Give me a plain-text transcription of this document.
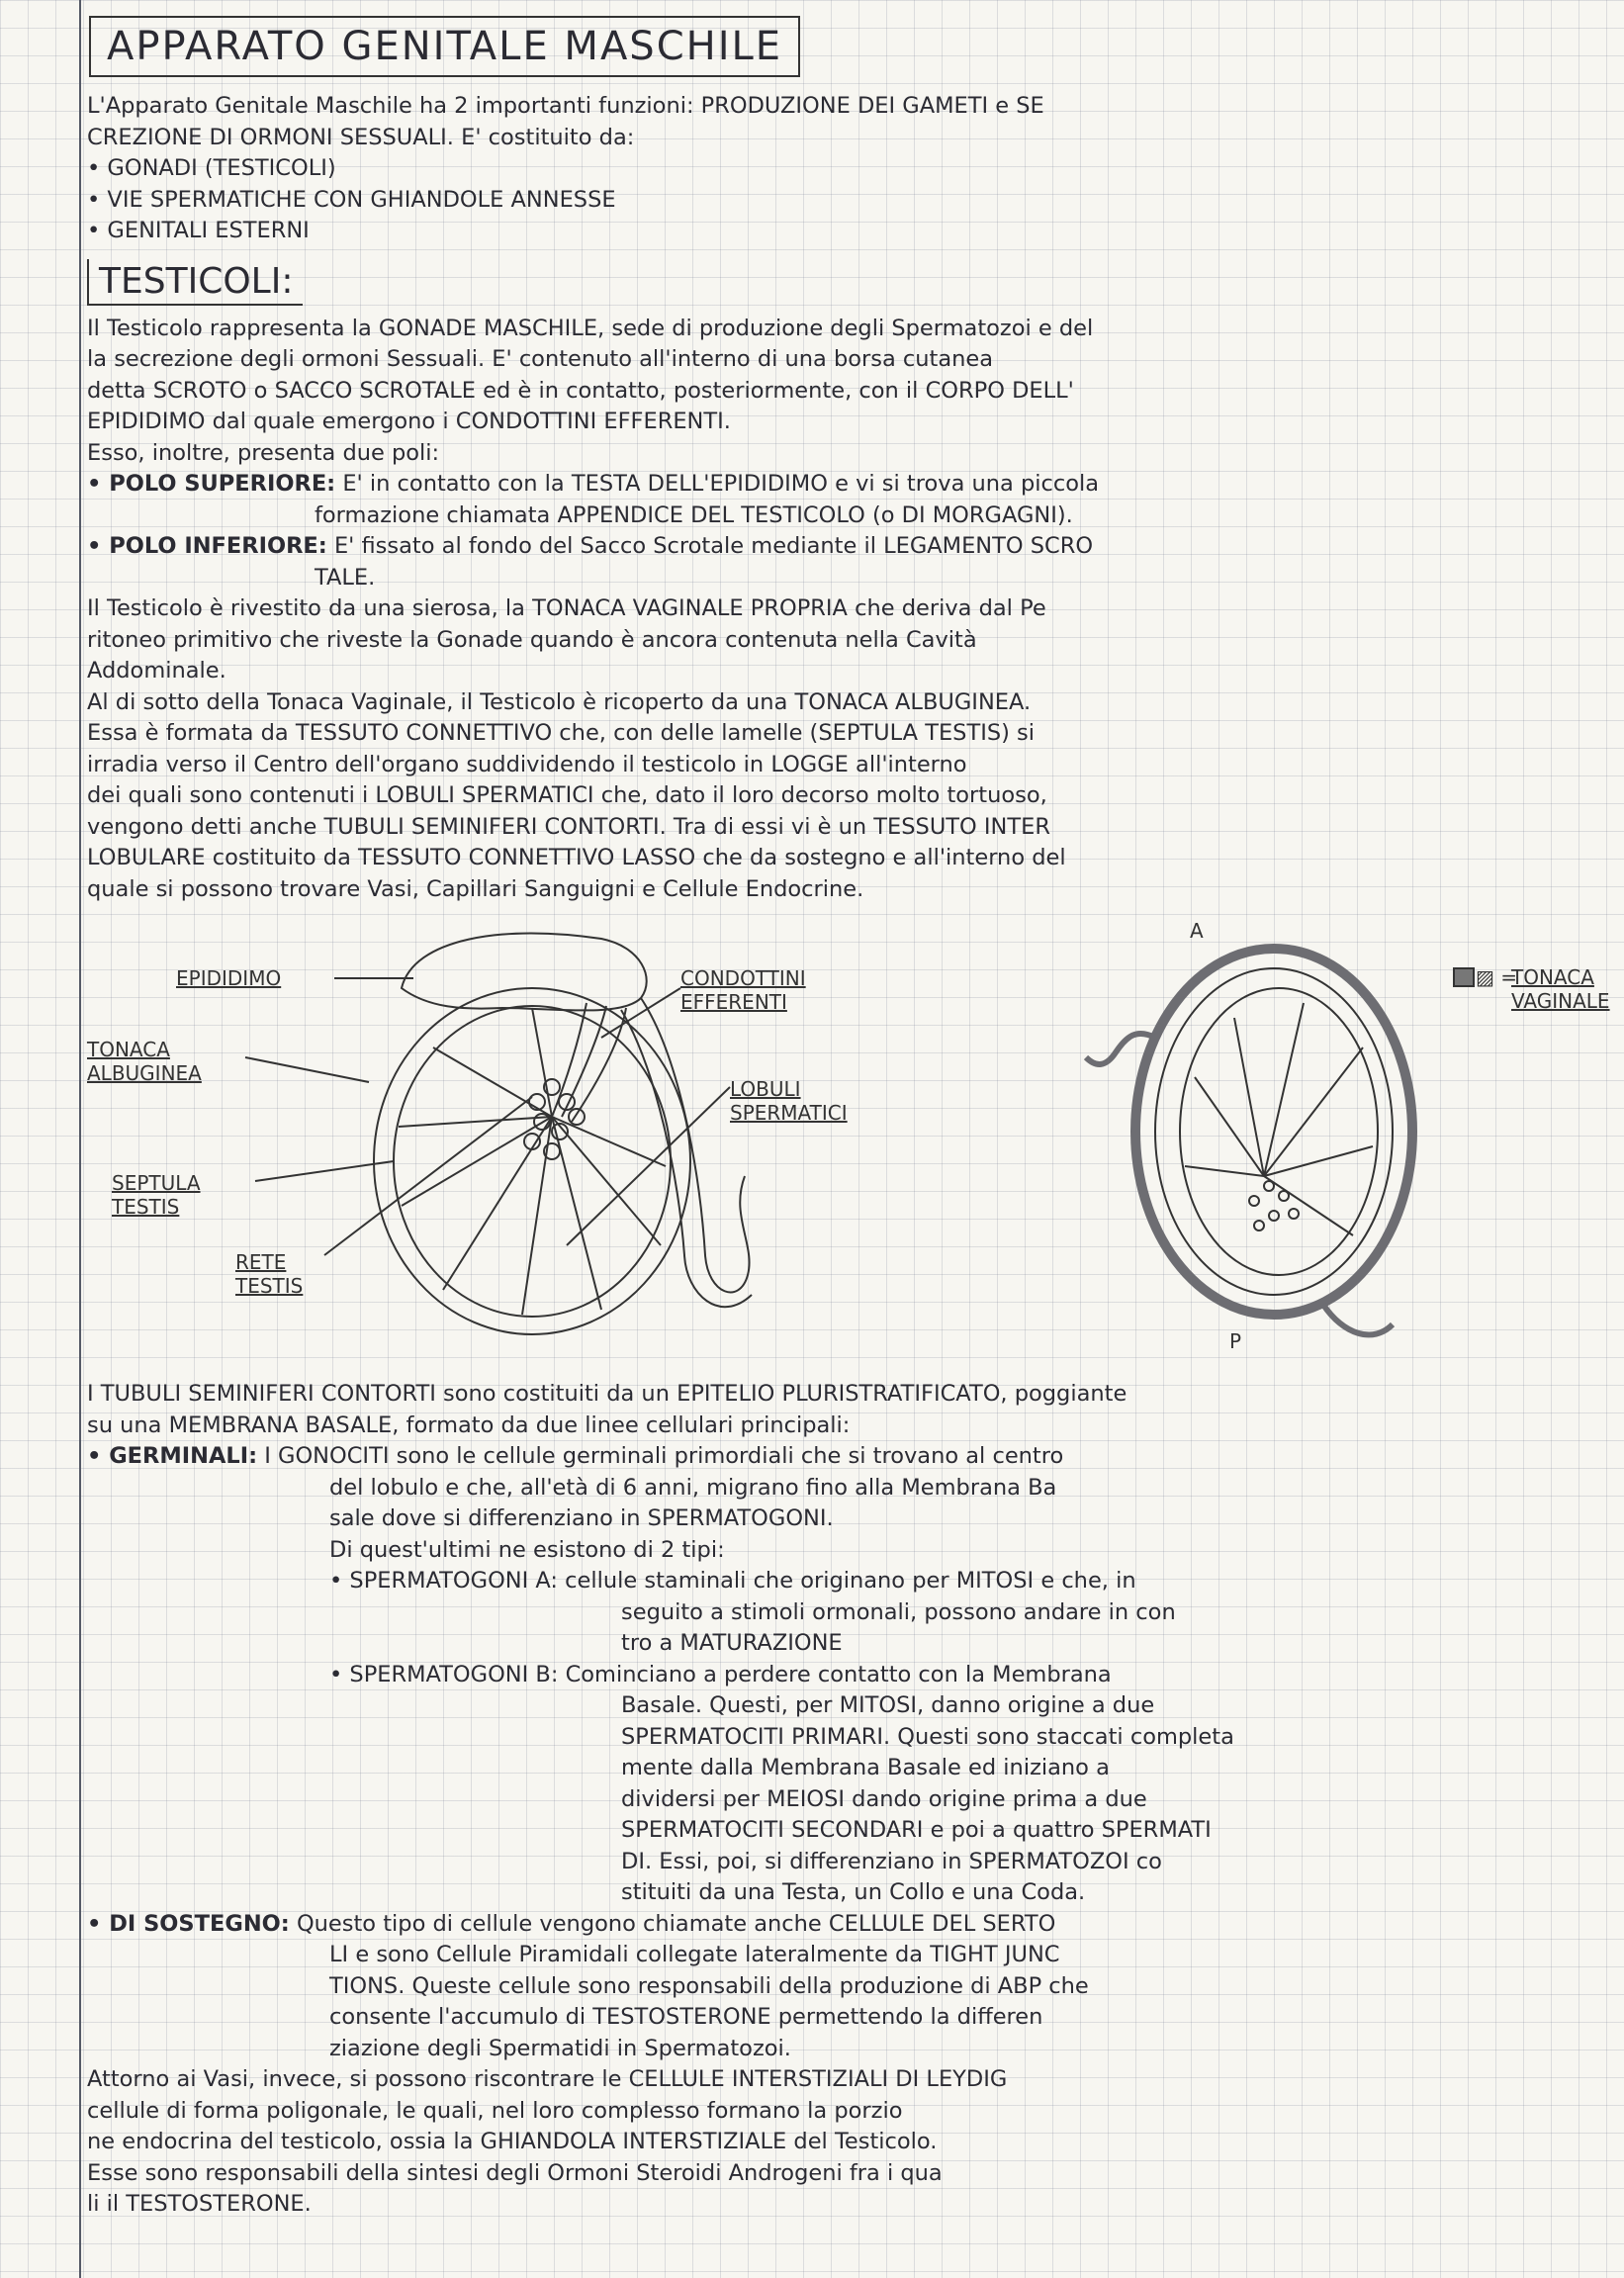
APPARATO GENITALE MASCHILE

L'Apparato Genitale Maschile ha 2 importanti funzioni: PRODUZIONE DEI GAMETI e SE

CREZIONE DI ORMONI SESSUALI. E' costituito da:

• GONADI (TESTICOLI)

• VIE SPERMATICHE CON GHIANDOLE ANNESSE

• GENITALI ESTERNI

TESTICOLI:

Il Testicolo rappresenta la GONADE MASCHILE, sede di produzione degli Spermatozoi e del

la secrezione degli ormoni Sessuali. E' contenuto all'interno di una borsa cutanea

detta SCROTO o SACCO SCROTALE ed è in contatto, posteriormente, con il CORPO DELL'

EPIDIDIMO dal quale emergono i CONDOTTINI EFFERENTI.

Esso, inoltre, presenta due poli:

• POLO SUPERIORE: E' in contatto con la TESTA DELL'EPIDIDIMO e vi si trova una piccola

formazione chiamata APPENDICE DEL TESTICOLO (o DI MORGAGNI).

• POLO INFERIORE: E' fissato al fondo del Sacco Scrotale mediante il LEGAMENTO SCRO

TALE.

Il Testicolo è rivestito da una sierosa, la TONACA VAGINALE PROPRIA che deriva dal Pe

ritoneo primitivo che riveste la Gonade quando è ancora contenuta nella Cavità

Addominale.

Al di sotto della Tonaca Vaginale, il Testicolo è ricoperto da una TONACA ALBUGINEA.

Essa è formata da TESSUTO CONNETTIVO che, con delle lamelle (SEPTULA TESTIS) si

irradia verso il Centro dell'organo suddividendo il testicolo in LOGGE all'interno

dei quali sono contenuti i LOBULI SPERMATICI che, dato il loro decorso molto tortuoso,

vengono detti anche TUBULI SEMINIFERI CONTORTI. Tra di essi vi è un TESSUTO INTER

LOBULARE costituito da TESSUTO CONNETTIVO LASSO che da sostegno e all'interno del

quale si possono trovare Vasi, Capillari Sanguigni e Cellule Endocrine.

EPIDIDIMO	CONDOTTINI
EFFERENTI
TONACA
ALBUGINEA
LOBULI
SPERMATICI
SEPTULA
TESTIS
RETE
TESTIS
A
P
▨ =
TONACA
VAGINALE

I TUBULI SEMINIFERI CONTORTI sono costituiti da un EPITELIO PLURISTRATIFICATO, poggiante

su una MEMBRANA BASALE, formato da due linee cellulari principali:

• GERMINALI: I GONOCITI sono le cellule germinali primordiali che si trovano al centro

del lobulo e che, all'età di 6 anni, migrano fino alla Membrana Ba

sale dove si differenziano in SPERMATOGONI.

Di quest'ultimi ne esistono di 2 tipi:

• SPERMATOGONI A: cellule staminali che originano per MITOSI e che, in

seguito a stimoli ormonali, possono andare in con

tro a MATURAZIONE

• SPERMATOGONI B: Cominciano a perdere contatto con la Membrana

Basale. Questi, per MITOSI, danno origine a due

SPERMATOCITI PRIMARI. Questi sono staccati completa

mente dalla Membrana Basale ed iniziano a

dividersi per MEIOSI dando origine prima a due

SPERMATOCITI SECONDARI e poi a quattro SPERMATI

DI. Essi, poi, si differenziano in SPERMATOZOI co

stituiti da una Testa, un Collo e una Coda.

• DI SOSTEGNO: Questo tipo di cellule vengono chiamate anche CELLULE DEL SERTO

LI e sono Cellule Piramidali collegate lateralmente da TIGHT JUNC

TIONS. Queste cellule sono responsabili della produzione di ABP che

consente l'accumulo di TESTOSTERONE permettendo la differen

ziazione degli Spermatidi in Spermatozoi.

Attorno ai Vasi, invece, si possono riscontrare le CELLULE INTERSTIZIALI DI LEYDIG

cellule di forma poligonale, le quali, nel loro complesso formano la porzio

ne endocrina del testicolo, ossia la GHIANDOLA INTERSTIZIALE del Testicolo.

Esse sono responsabili della sintesi degli Ormoni Steroidi Androgeni fra i qua

li il TESTOSTERONE.
